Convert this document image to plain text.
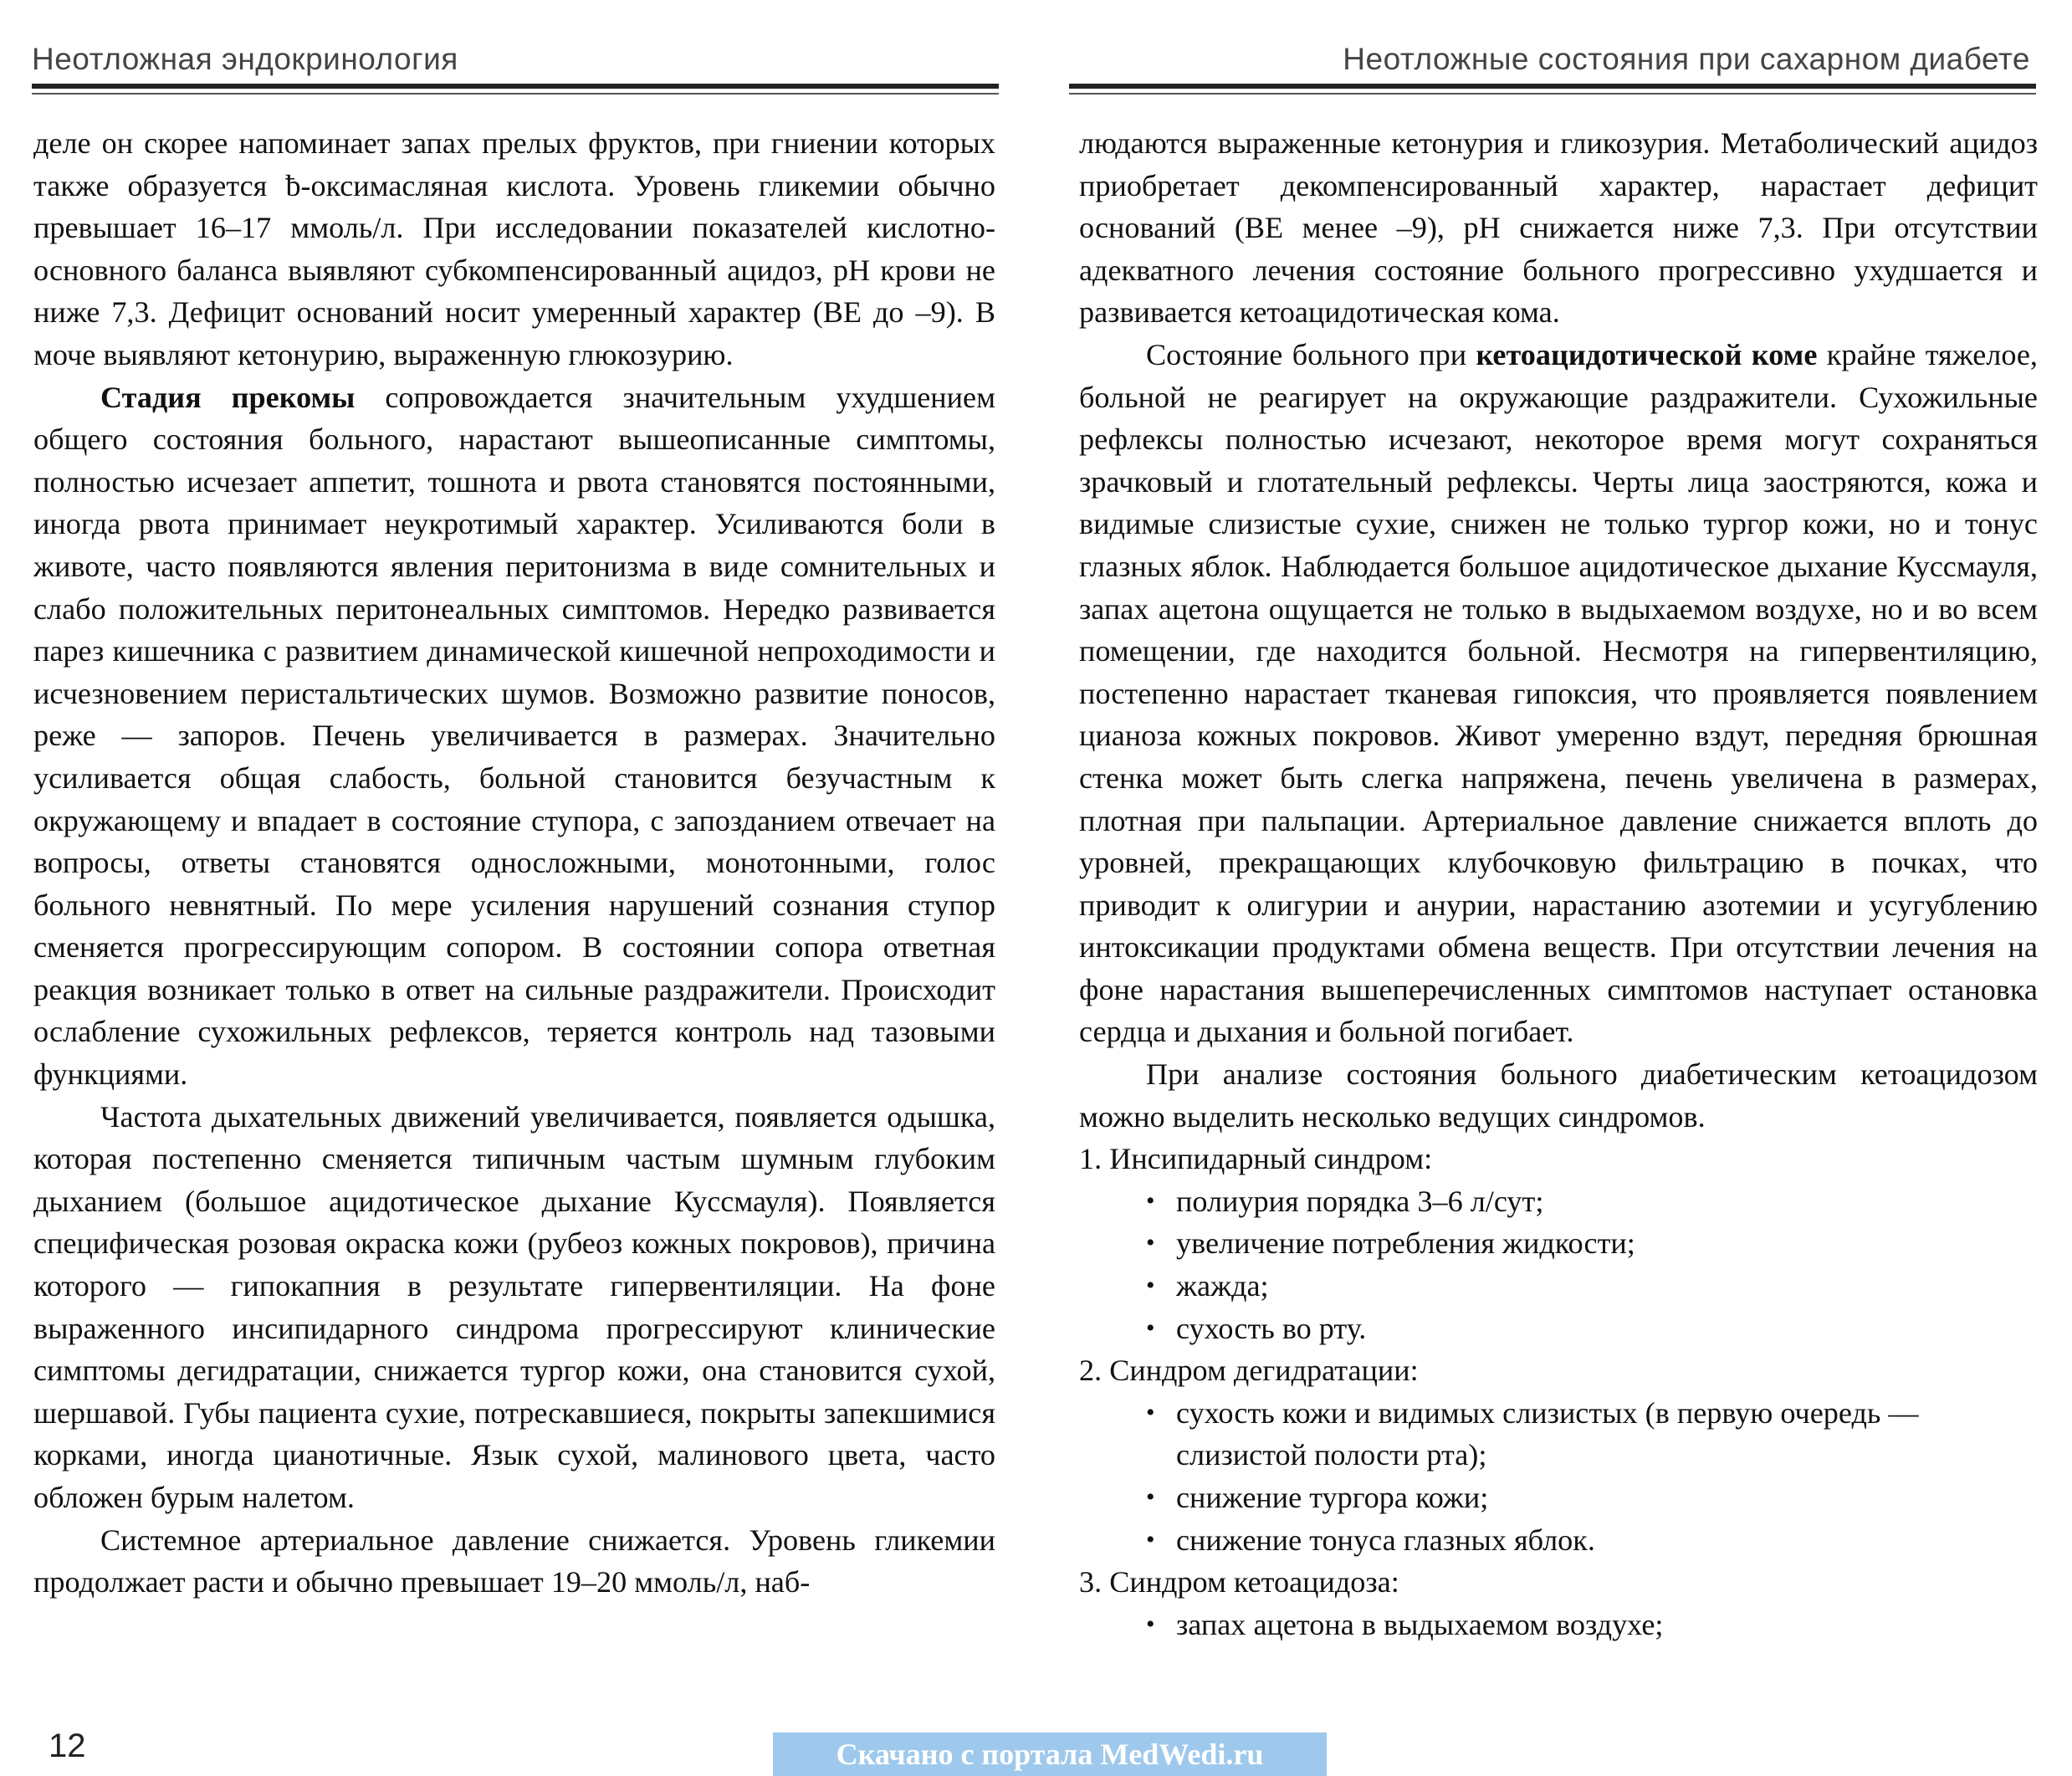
Неотложная эндокринология

деле он скорее напоминает запах прелых фруктов, при гниении которых также образуется ƀ-оксимасляная кислота. Уровень гликемии обычно превышает 16–17 ммоль/л. При исследовании показателей кислотно-основного баланса выявляют субкомпенсированный ацидоз, pH крови не ниже 7,3. Дефицит оснований носит умеренный характер (BE до –9). В моче выявляют кетонурию, выраженную глюкозурию.

Стадия прекомы сопровождается значительным ухудшением общего состояния больного, нарастают вышеописанные симптомы, полностью исчезает аппетит, тошнота и рвота становятся постоянными, иногда рвота принимает неукротимый характер. Усиливаются боли в животе, часто появляются явления перитонизма в виде сомнительных и слабо положительных перитонеальных симптомов. Нередко развивается парез кишечника с развитием динамической кишечной непроходимости и исчезновением перистальтических шумов. Возможно развитие поносов, реже — запоров. Печень увеличивается в размерах. Значительно усиливается общая слабость, больной становится безучастным к окружающему и впадает в состояние ступора, с запозданием отвечает на вопросы, ответы становятся односложными, монотонными, голос больного невнятный. По мере усиления нарушений сознания ступор сменяется прогрессирующим сопором. В состоянии сопора ответная реакция возникает только в ответ на сильные раздражители. Происходит ослабление сухожильных рефлексов, теряется контроль над тазовыми функциями.

Частота дыхательных движений увеличивается, появляется одышка, которая постепенно сменяется типичным частым шумным глубоким дыханием (большое ацидотическое дыхание Куссмауля). Появляется специфическая розовая окраска кожи (рубеоз кожных покровов), причина которого — гипокапния в результате гипервентиляции. На фоне выраженного инсипидарного синдрома прогрессируют клинические симптомы дегидратации, снижается тургор кожи, она становится сухой, шершавой. Губы пациента сухие, потрескавшиеся, покрыты запекшимися корками, иногда цианотичные. Язык сухой, малинового цвета, часто обложен бурым налетом.

Системное артериальное давление снижается. Уровень гликемии продолжает расти и обычно превышает 19–20 ммоль/л, наб-

12
Неотложные состояния при сахарном диабете

людаются выраженные кетонурия и гликозурия. Метаболический ацидоз приобретает декомпенсированный характер, нарастает дефицит оснований (BE менее –9), pH снижается ниже 7,3. При отсутствии адекватного лечения состояние больного прогрессивно ухудшается и развивается кетоацидотическая кома.

Состояние больного при кетоацидотической коме крайне тяжелое, больной не реагирует на окружающие раздражители. Сухожильные рефлексы полностью исчезают, некоторое время могут сохраняться зрачковый и глотательный рефлексы. Черты лица заостряются, кожа и видимые слизистые сухие, снижен не только тургор кожи, но и тонус глазных яблок. Наблюдается большое ацидотическое дыхание Куссмауля, запах ацетона ощущается не только в выдыхаемом воздухе, но и во всем помещении, где находится больной. Несмотря на гипервентиляцию, постепенно нарастает тканевая гипоксия, что проявляется появлением цианоза кожных покровов. Живот умеренно вздут, передняя брюшная стенка может быть слегка напряжена, печень увеличена в размерах, плотная при пальпации. Артериальное давление снижается вплоть до уровней, прекращающих клубочковую фильтрацию в почках, что приводит к олигурии и анурии, нарастанию азотемии и усугублению интоксикации продуктами обмена веществ. При отсутствии лечения на фоне нарастания вышеперечисленных симптомов наступает остановка сердца и дыхания и больной погибает.

При анализе состояния больного диабетическим кетоацидозом можно выделить несколько ведущих синдромов.

1. Инсипидарный синдром:

• полиурия порядка 3–6 л/сут;
• увеличение потребления жидкости;
• жажда;
• сухость во рту.

2. Синдром дегидратации:

• сухость кожи и видимых слизистых (в первую очередь — слизистой полости рта);
• снижение тургора кожи;
• снижение тонуса глазных яблок.

3. Синдром кетоацидоза:

• запах ацетона в выдыхаемом воздухе;
Скачано с портала MedWedi.ru
